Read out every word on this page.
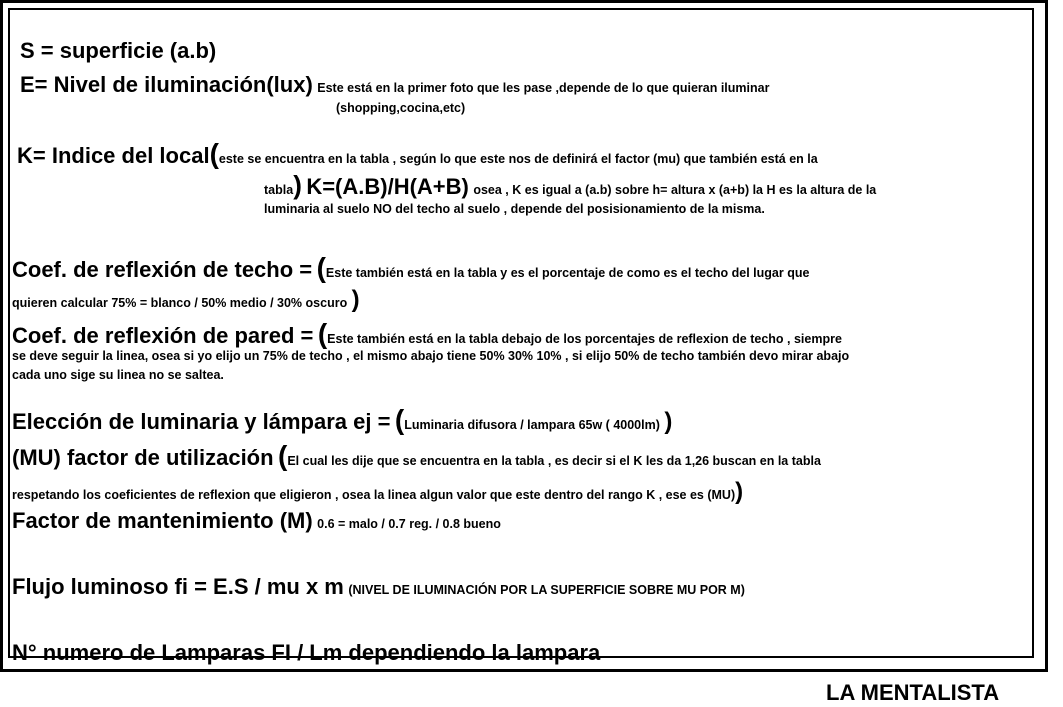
S = superficie (a.b)
E= Nivel de iluminación(lux) Este está en la primer foto que les pase ,depende de lo que quieran iluminar
(shopping,cocina,etc)
K= Indice del local(este se encuentra en la tabla , según lo que este nos de definirá el factor (mu) que también está en la
tabla) K=(A.B)/H(A+B) osea , K es igual a (a.b) sobre h= altura x (a+b) la H es la altura de la
luminaria al suelo NO del techo al suelo , depende del posisionamiento de la misma.
Coef. de reflexión de techo = (Este también está en la tabla y es el porcentaje de como es el techo del lugar que
quieren calcular 75% = blanco / 50% medio / 30% oscuro )
Coef. de reflexión de pared = (Este también está en la tabla debajo de los porcentajes de reflexion de techo , siempre
se deve seguir la linea, osea si yo elijo un 75% de techo , el mismo abajo tiene 50% 30% 10% , si elijo 50% de techo también devo mirar abajo
cada uno sige su linea no se saltea.
Elección de luminaria y lámpara ej = (Luminaria difusora / lampara 65w ( 4000lm) )
(MU) factor de utilización (El cual les dije que se encuentra en la tabla , es decir si el K les da 1,26 buscan en la tabla
respetando los coeficientes de reflexion que eligieron , osea la linea algun valor que este dentro del rango K , ese es (MU))
Factor de mantenimiento (M) 0.6 = malo / 0.7 reg. / 0.8 bueno
Flujo luminoso fi = E.S / mu x m (NIVEL DE ILUMINACIÓN POR LA SUPERFICIE SOBRE MU POR M)
N° numero de Lamparas FI / Lm dependiendo la lampara
LA MENTALISTA
